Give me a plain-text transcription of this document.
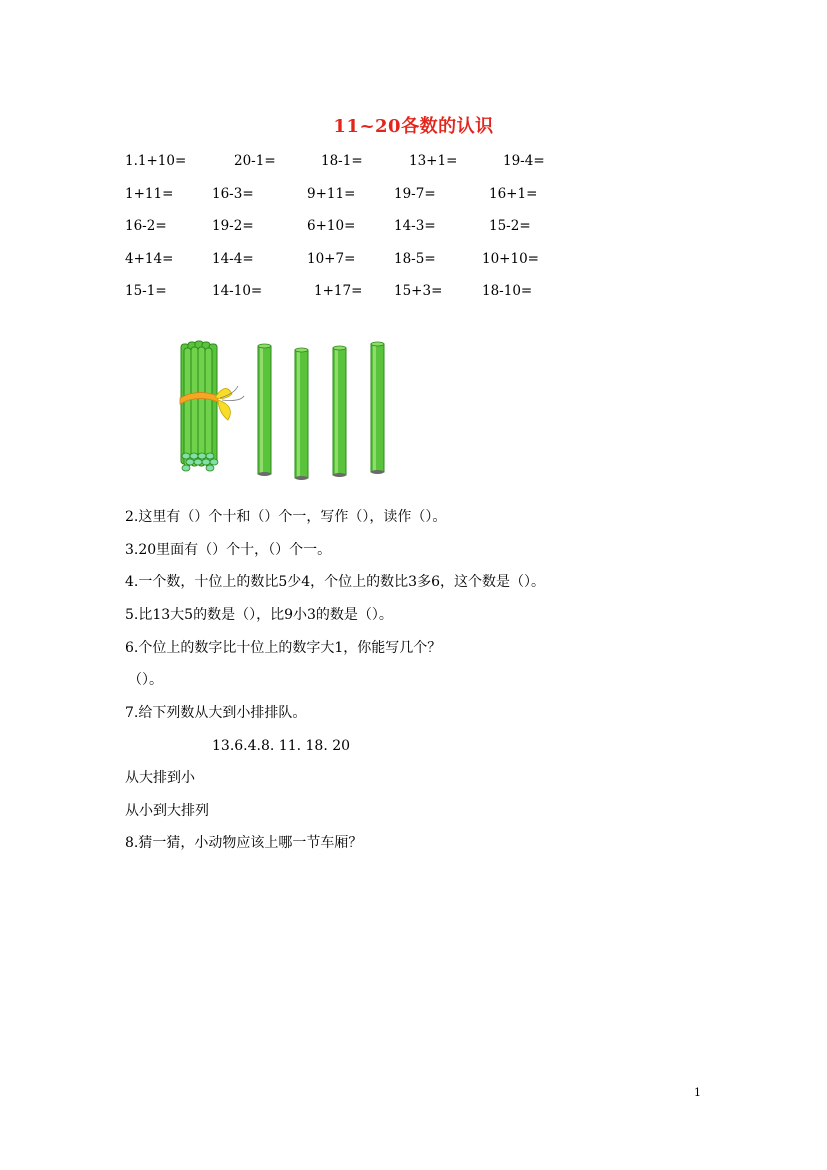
11~20各数的认识
1.1+10=	20-1=	18-1=	13+1=	19-4=
1+11=	16-3=	9+11=	19-7=	16+1=
16-2=	19-2=	6+10=	14-3=	15-2=
4+14=	14-4=	10+7=	18-5=	10+10=
15-1=	14-10=	1+17= 15+3=	18-10=
2.这里有（）个十和（）个一，写作（），读作（）。
3.20里面有（）个十，（）个一。
4.一个数，十位上的数比5少4，个位上的数比3多6，这个数是（）。
5.比13大5的数是（），比9小3的数是（）。
6.个位上的数字比十位上的数字大1，你能写几个？
（）。
7.给下列数从大到小排排队。
13.6.4.8. 11. 18. 20
从大排到小
从小到大排列
8.猜一猜，小动物应该上哪一节车厢？
1
